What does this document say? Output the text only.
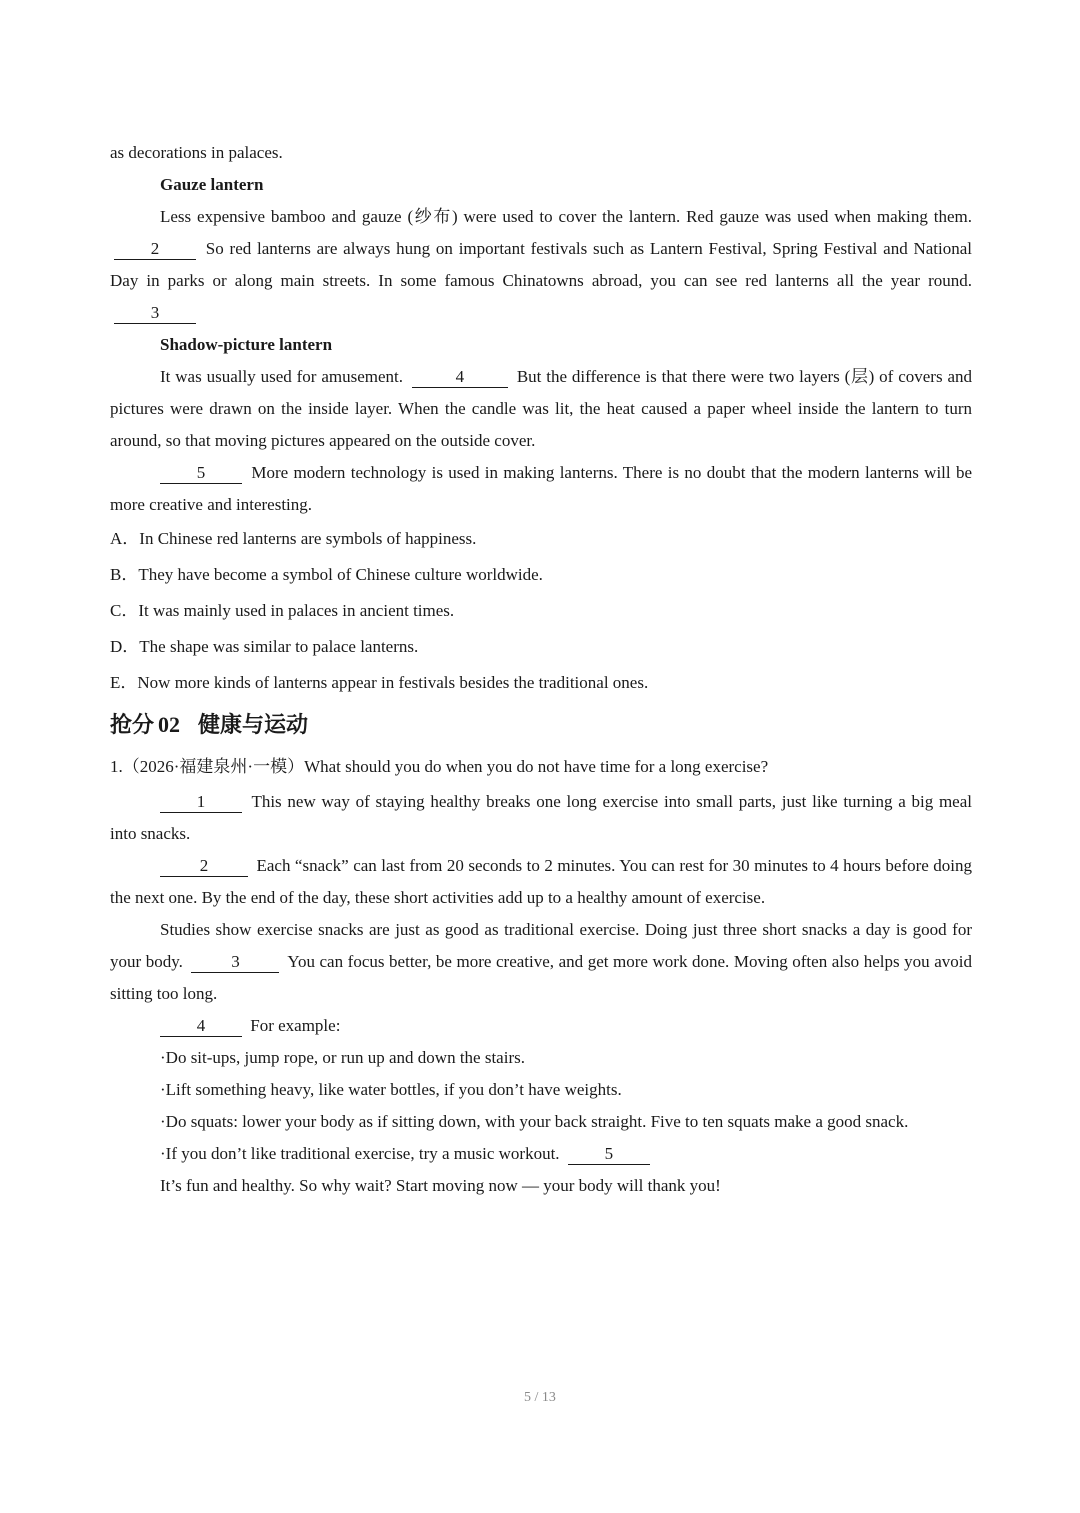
as decorations in palaces.

Gauze lantern

Less expensive bamboo and gauze (纱布) were used to cover the lantern. Red gauze was used when making them. 2	So red lanterns are always hung on important festivals such as Lantern Festival, Spring Festival and National Day in parks or along main streets. In some famous Chinatowns abroad, you can see red lanterns all the year round. 3

Shadow-picture lantern

It was usually used for amusement.	4	But the difference is that there were two layers (层) of covers and pictures were drawn on the inside layer. When the candle was lit, the heat caused a paper wheel inside the lantern to turn around, so that moving pictures appeared on the outside cover.

5	More modern technology is used in making lanterns. There is no doubt that the modern lanterns will be more creative and interesting.

A．In Chinese red lanterns are symbols of happiness.

B．They have become a symbol of Chinese culture worldwide.

C．It was mainly used in palaces in ancient times.

D．The shape was similar to palace lanterns.

E．Now more kinds of lanterns appear in festivals besides the traditional ones.

抢分 02 健康与运动

1.（2026·福建泉州·一模）What should you do when you do not have time for a long exercise?

1	This new way of staying healthy breaks one long exercise into small parts, just like turning a big meal into snacks.

2	Each “snack” can last from 20 seconds to 2 minutes. You can rest for 30 minutes to 4 hours before doing the next one. By the end of the day, these short activities add up to a healthy amount of exercise.

Studies show exercise snacks are just as good as traditional exercise. Doing just three short snacks a day is good for your body.	3	You can focus better, be more creative, and get more work done. Moving often also helps you avoid sitting too long.

4	For example:

·Do sit-ups, jump rope, or run up and down the stairs.

·Lift something heavy, like water bottles, if you don’t have weights.

·Do squats: lower your body as if sitting down, with your back straight. Five to ten squats make a good snack.

·If you don’t like traditional exercise, try a music workout.	5

It’s fun and healthy. So why wait? Start moving now — your body will thank you!

5 / 13
